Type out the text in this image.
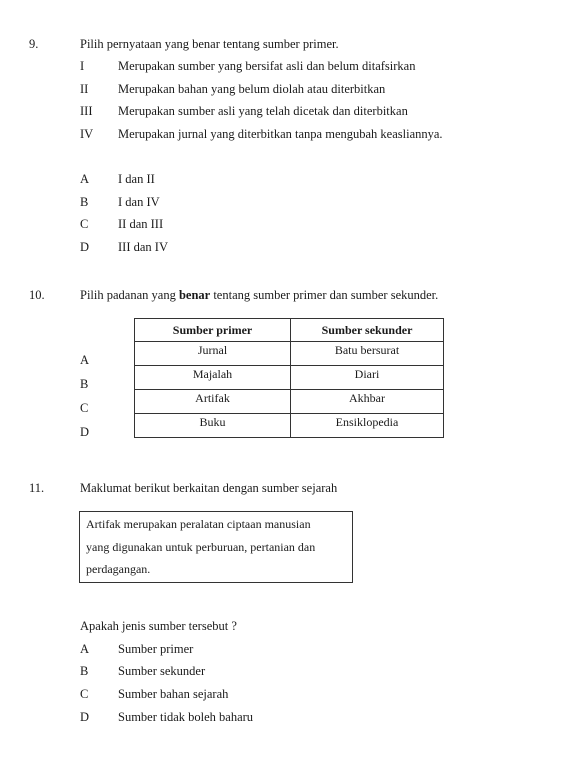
9.	Pilih pernyataan yang benar tentang sumber primer.
I	Merupakan sumber yang bersifat asli dan belum ditafsirkan
II	Merupakan bahan yang belum diolah atau diterbitkan
III	Merupakan sumber asli yang telah dicetak dan diterbitkan
IV	Merupakan jurnal yang diterbitkan tanpa mengubah keasliannya.
A	I dan II
B	I dan IV
C	II dan III
D	III dan IV
10.	Pilih padanan yang benar tentang sumber primer dan sumber sekunder.
A
B
C
D
Sumber primer	Sumber sekunder
Jurnal	Batu bersurat
Majalah	Diari
Artifak	Akhbar
Buku	Ensiklopedia
11.	Maklumat berikut berkaitan dengan sumber sejarah
Artifak merupakan peralatan ciptaan manusian
yang digunakan untuk perburuan, pertanian dan
perdagangan.
Apakah jenis sumber tersebut ?
A	Sumber primer
B	Sumber sekunder
C	Sumber bahan sejarah
D	Sumber tidak boleh baharu
